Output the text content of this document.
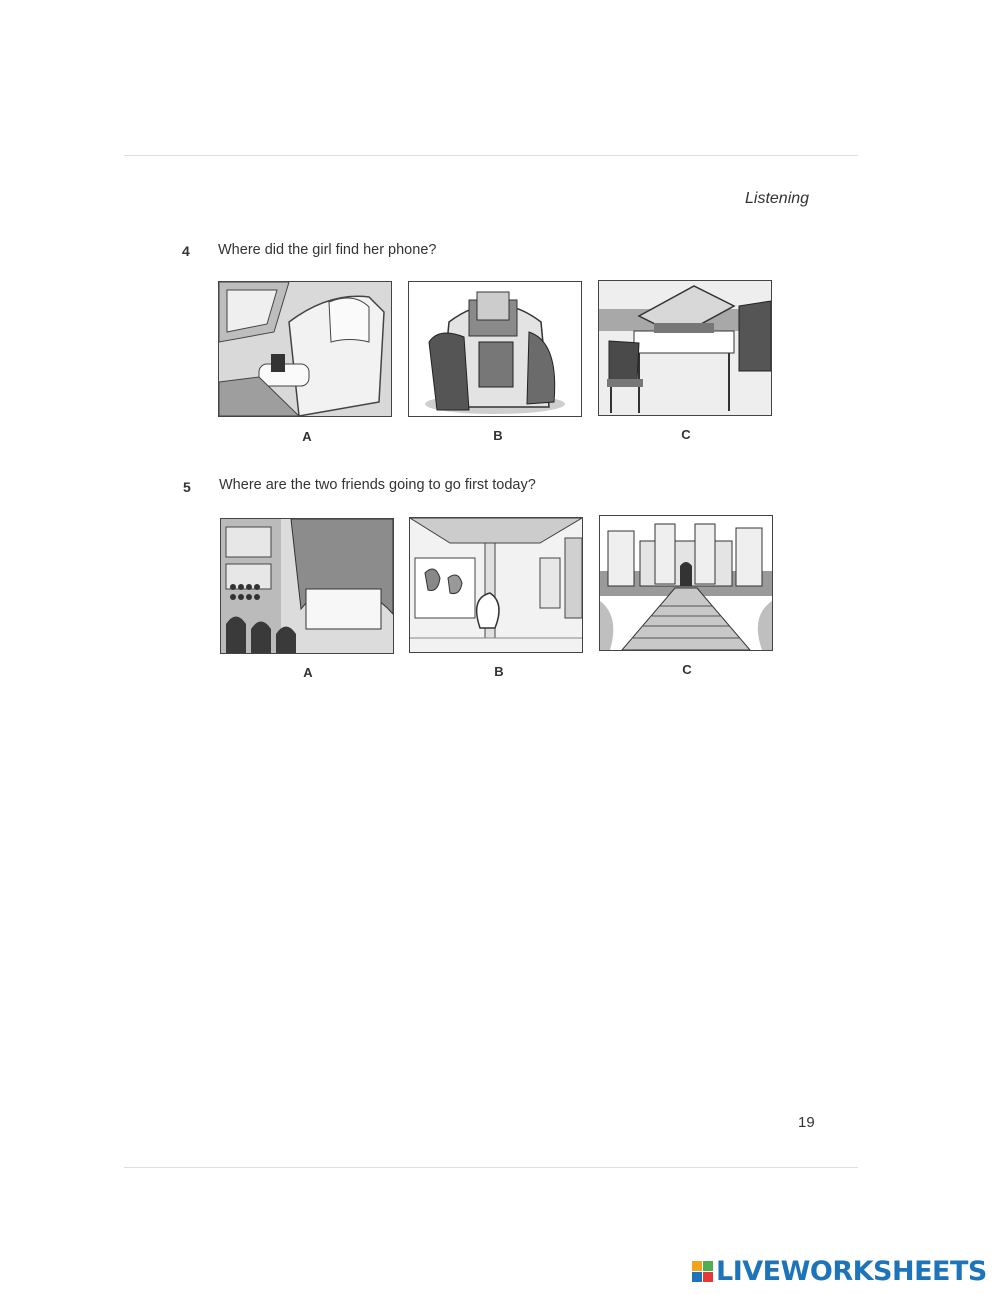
Listening
4 Where did the girl find her phone?
A	B	C
5 Where are the two friends going to go first today?
A	B	C
19
LIVEWORKSHEETS
